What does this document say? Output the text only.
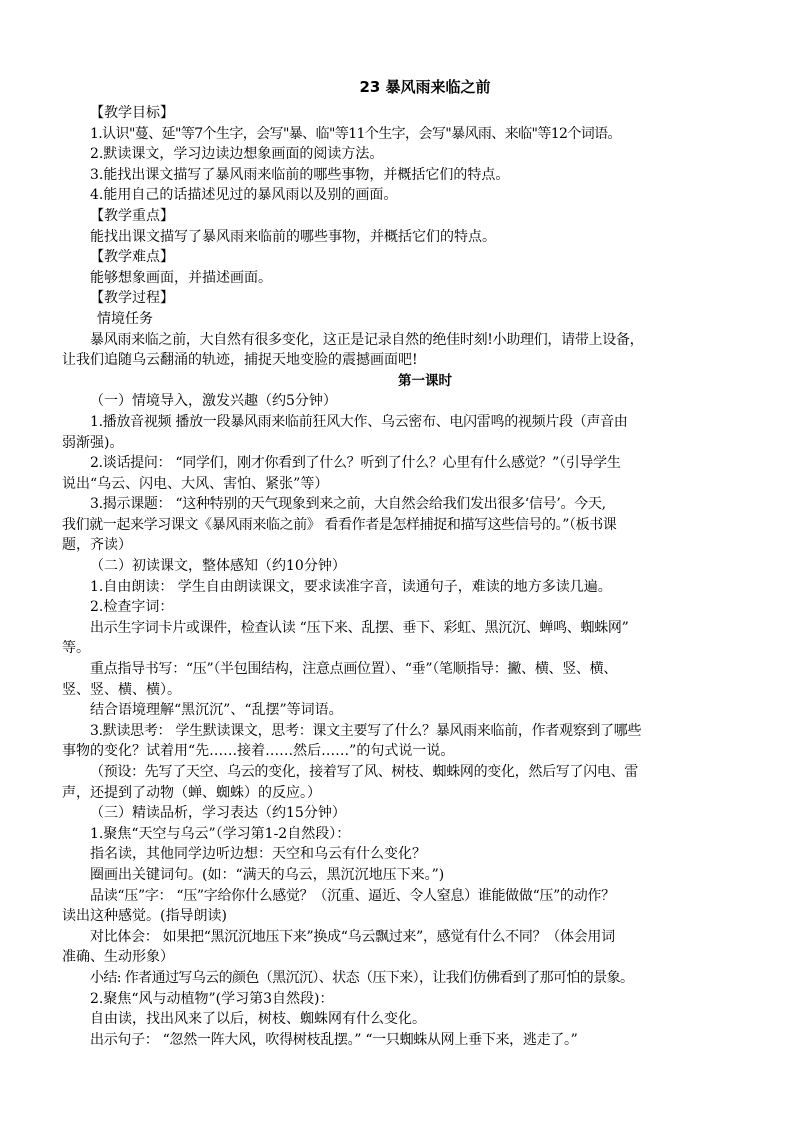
23 暴风雨来临之前

【教学目标】

1.认识"蔓、延"等7个生字，会写"暴、临"等11个生字，会写"暴风雨、来临"等12个词语。

2.默读课文，学习边读边想象画面的阅读方法。

3.能找出课文描写了暴风雨来临前的哪些事物，并概括它们的特点。

4.能用自己的话描述见过的暴风雨以及别的画面。

【教学重点】

能找出课文描写了暴风雨来临前的哪些事物，并概括它们的特点。

【教学难点】

能够想象画面，并描述画面。

【教学过程】

情境任务

暴风雨来临之前，大自然有很多变化，这正是记录自然的绝佳时刻!小助理们，请带上设备，

让我们追随乌云翻涌的轨迹，捕捉天地变脸的震撼画面吧!

第一课时

（一）情境导入，激发兴趣（约5分钟）

1.播放音视频 播放一段暴风雨来临前狂风大作、乌云密布、电闪雷鸣的视频片段（声音由

弱渐强)。

2.谈话提问： “同学们，刚才你看到了什么？听到了什么？心里有什么感觉？”（引导学生

说出“乌云、闪电、大风、害怕、紧张”等）

3.揭示课题： “这种特别的天气现象到来之前，大自然会给我们发出很多‘信号’。今天,

我们就一起来学习课文《暴风雨来临之前》 看看作者是怎样捕捉和描写这些信号的。”（板书课

题，齐读）

（二）初读课文，整体感知（约10分钟）

1.自由朗读： 学生自由朗读课文，要求读准字音，读通句子，难读的地方多读几遍。

2.检查字词：

出示生字词卡片或课件，检查认读 “压下来、乱摆、垂下、彩虹、黑沉沉、蝉鸣、蜘蛛网”

等。

重点指导书写：“压”（半包围结构，注意点画位置）、“垂”（笔顺指导：撇、横、竖、横、

竖、竖、横、横）。

结合语境理解“黑沉沉”、“乱摆”等词语。

3.默读思考： 学生默读课文，思考：课文主要写了什么？暴风雨来临前，作者观察到了哪些

事物的变化？试着用“先……接着……然后……”的句式说一说。

（预设：先写了天空、乌云的变化，接着写了风、树枝、蜘蛛网的变化，然后写了闪电、雷

声，还提到了动物（蝉、蜘蛛）的反应。）

（三）精读品析，学习表达（约15分钟）

1.聚焦“天空与乌云”（学习第1-2自然段）：

指名读，其他同学边听边想：天空和乌云有什么变化？

圈画出关键词句。(如：“满天的乌云，黑沉沉地压下来。”)

品读“压”字： “压”字给你什么感觉？（沉重、逼近、令人窒息）谁能做做“压”的动作？

读出这种感觉。(指导朗读)

对比体会： 如果把“黑沉沉地压下来”换成“乌云飘过来”，感觉有什么不同？（体会用词

准确、生动形象）

小结: 作者通过写乌云的颜色（黑沉沉）、状态（压下来），让我们仿佛看到了那可怕的景象。

2.聚焦“风与动植物”(学习第3自然段)：

自由读，找出风来了以后，树枝、蜘蛛网有什么变化。

出示句子： “忽然一阵大风，吹得树枝乱摆。” “一只蜘蛛从网上垂下来，逃走了。”
